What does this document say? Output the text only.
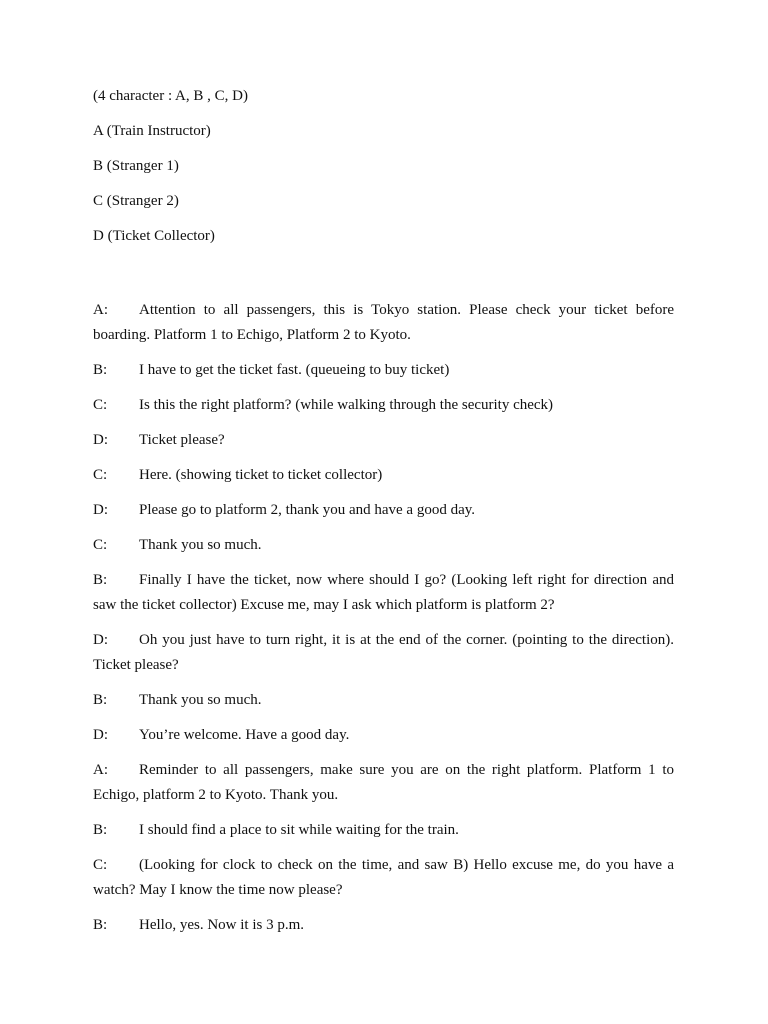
(4 character : A, B , C, D)

A (Train Instructor)

B (Stranger 1)

C (Stranger 2)

D (Ticket Collector)

A: Attention to all passengers, this is Tokyo station. Please check your ticket before boarding. Platform 1 to Echigo, Platform 2 to Kyoto.

B: I have to get the ticket fast. (queueing to buy ticket)

C: Is this the right platform? (while walking through the security check)

D: Ticket please?

C: Here. (showing ticket to ticket collector)

D: Please go to platform 2, thank you and have a good day.

C: Thank you so much.

B: Finally I have the ticket, now where should I go? (Looking left right for direction and saw the ticket collector) Excuse me, may I ask which platform is platform 2?

D: Oh you just have to turn right, it is at the end of the corner. (pointing to the direction). Ticket please?

B: Thank you so much.

D: You’re welcome. Have a good day.

A: Reminder to all passengers, make sure you are on the right platform. Platform 1 to Echigo, platform 2 to Kyoto. Thank you.

B: I should find a place to sit while waiting for the train.

C: (Looking for clock to check on the time, and saw B) Hello excuse me, do you have a watch? May I know the time now please?

B: Hello, yes. Now it is 3 p.m.
